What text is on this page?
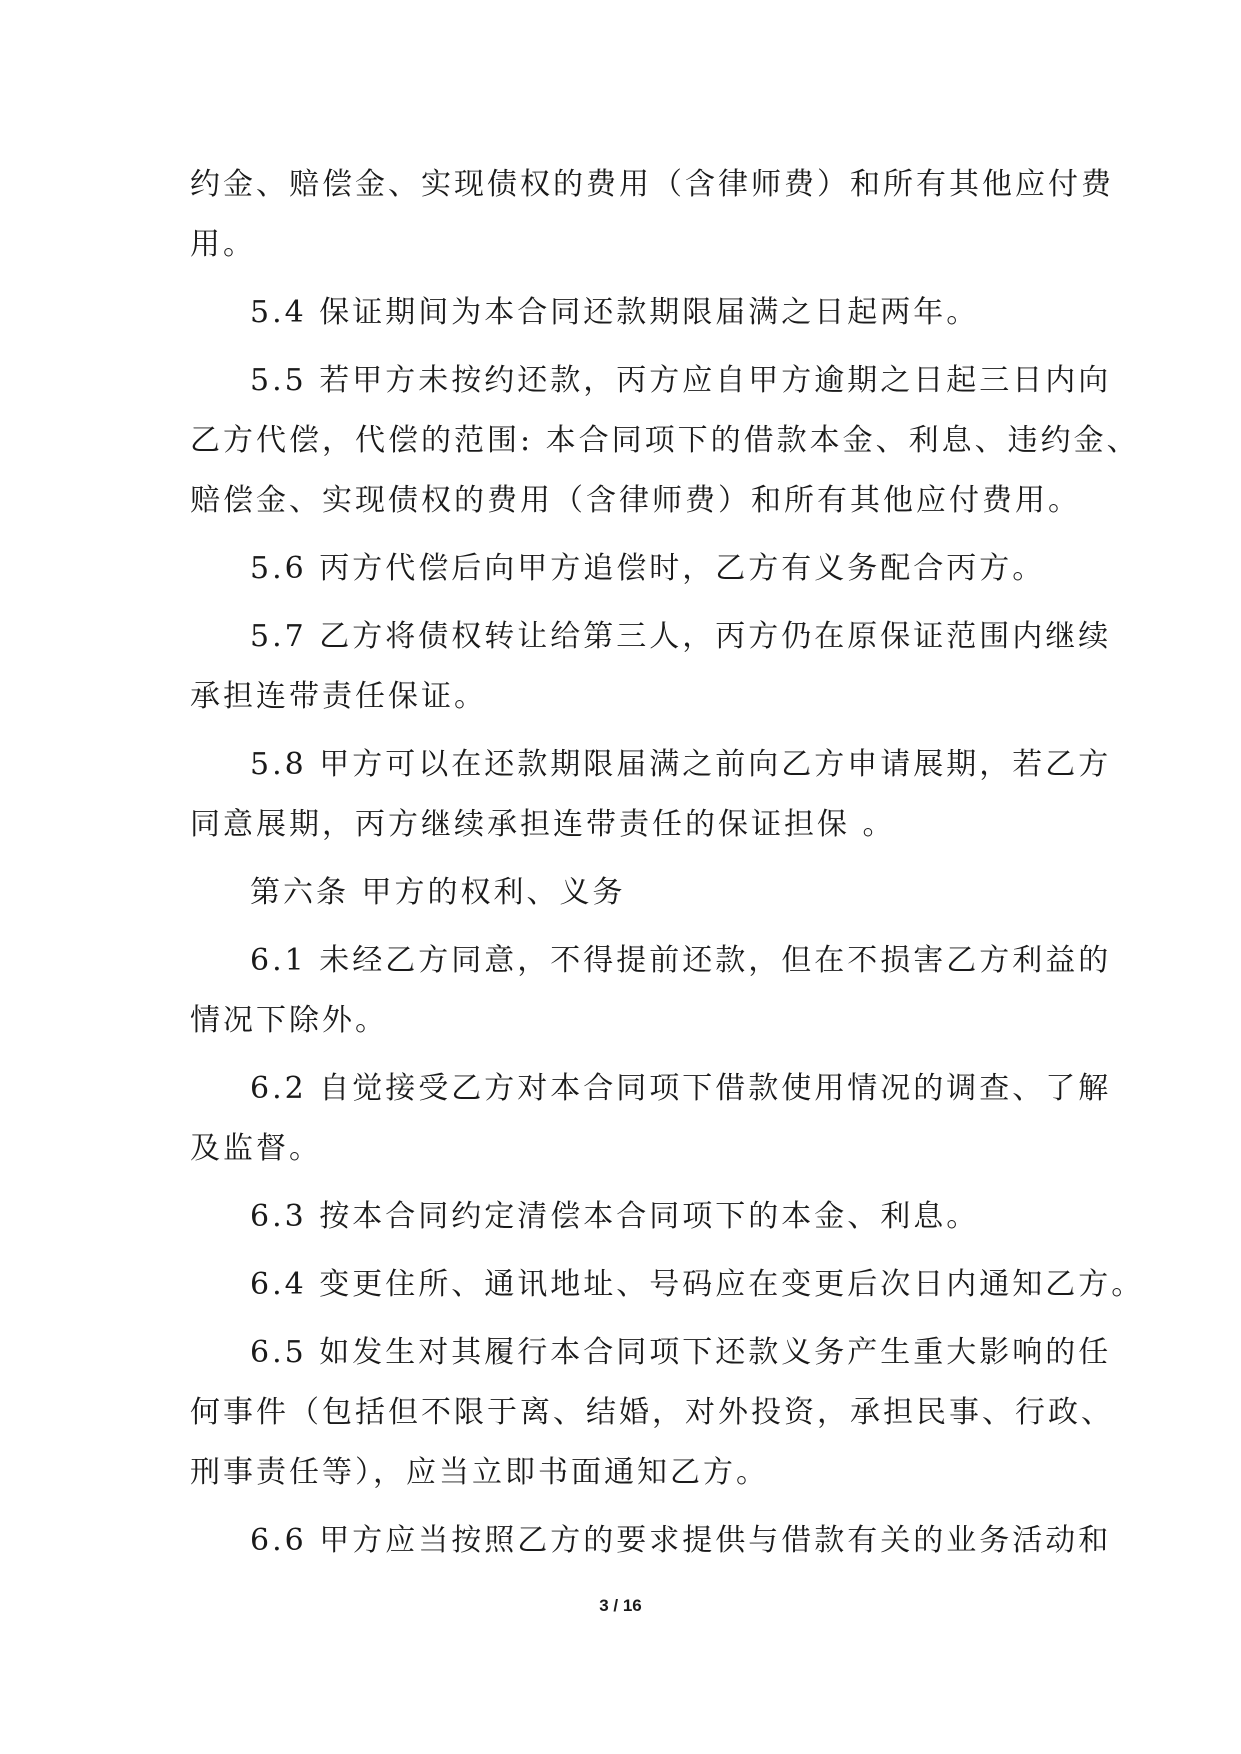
约金、赔偿金、实现债权的费用（含律师费）和所有其他应付费

用。

5.4 保证期间为本合同还款期限届满之日起两年。

5.5 若甲方未按约还款，丙方应自甲方逾期之日起三日内向

乙方代偿，代偿的范围: 本合同项下的借款本金、利息、违约金、

赔偿金、实现债权的费用（含律师费）和所有其他应付费用。

5.6 丙方代偿后向甲方追偿时，乙方有义务配合丙方。

5.7 乙方将债权转让给第三人，丙方仍在原保证范围内继续

承担连带责任保证。

5.8 甲方可以在还款期限届满之前向乙方申请展期，若乙方

同意展期，丙方继续承担连带责任的保证担保 。

第六条 甲方的权利、义务

6.1 未经乙方同意，不得提前还款，但在不损害乙方利益的

情况下除外。

6.2 自觉接受乙方对本合同项下借款使用情况的调查、了解

及监督。

6.3 按本合同约定清偿本合同项下的本金、利息。

6.4 变更住所、通讯地址、号码应在变更后次日内通知乙方。

6.5 如发生对其履行本合同项下还款义务产生重大影响的任

何事件（包括但不限于离、结婚，对外投资，承担民事、行政、

刑事责任等），应当立即书面通知乙方。

6.6 甲方应当按照乙方的要求提供与借款有关的业务活动和

3 / 16
